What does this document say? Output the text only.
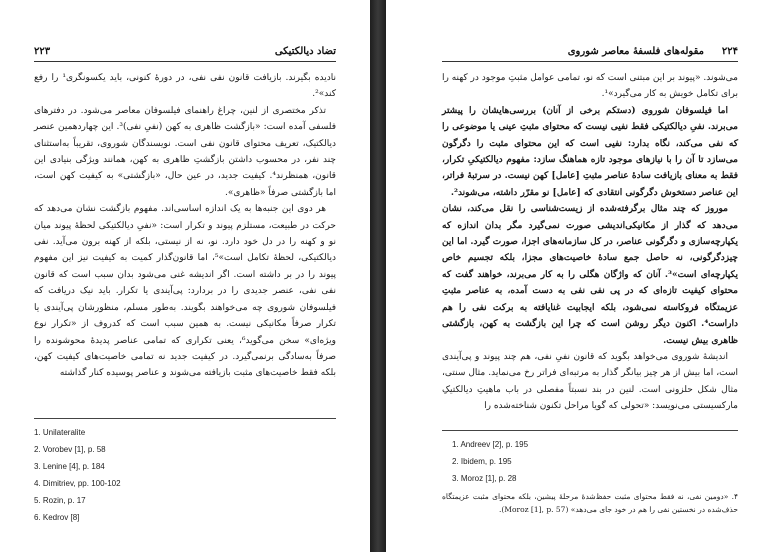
تضاد دیالکتیکی
۲۲۳

نادیده بگیرند. بازیافت قانون نفی نفی، در دورهٔ کنونی، باید یکسونگری¹ را رفع کند»².

تذکر مختصری از لنین، چراغ راهنمای فیلسوفان معاصر می‌شود. در دفترهای فلسفی آمده است: «بازگشت ظاهری به کهن (نفیِ نفی)³. این چهاردهمین عنصر دیالکتیک، تعریف محتوای قانون نفی است. نویسندگان شوروی، تقریباً به‌استثنای چند نفر، در محسوب داشتن بازگشتِ ظاهری به کهن، همانند ویژگی بنیادی این قانون، همنظرند⁴. کیفیت جدید، در عین حال، «بازگشتی» به کیفیت کهن است، اما بازگشتی صرفاً «ظاهری».

هر دوی این جنبه‌ها به یک اندازه اساسی‌اند. مفهوم بازگشت نشان می‌دهد که حرکت در طبیعت، مستلزم پیوند و تکرار است: «نفیِ دیالکتیکی لحظهٔ پیوند میان نو و کهنه را در دل خود دارد. نو، نه از نیستی، بلکه از کهنه برون می‌آید. نفی دیالکتیکی، لحظهٔ تکامل است»⁵، اما قانون‌گذار کمیت به کیفیت نیز این مفهوم پیوند را در بر داشته است. اگر اندیشه غنی می‌شود بدان سبب است که قانون نفی نفی، عنصر جدیدی را در بردارد: پی‌آیندی یا تکرار. باید نیک دریافت که فیلسوفان شوروی چه می‌خواهند بگویند. به‌طور مسلم، منظورشان پی‌آیندی یا تکرار صرفاً مکانیکی نیست. به همین سبب است که کدروف از «تکرار نوع ویژه‌ای» سخن می‌گوید⁶، یعنی تکراری که تمامی عناصر پدیدهٔ محوشونده را صرفاً به‌سادگی برنمی‌گیرد. در کیفیت جدید نه تمامی خاصیت‌های کیفیت کهن، بلکه فقط خاصیت‌های مثبت بازیافته می‌شوند و عناصر پوسیده کنار گذاشته

1. Unilateralite
2. Vorobev [1], p. 58
3. Lenine [4], p. 184
4. Dimitriev, pp. 100-102
5. Rozin, p. 17
6. Kedrov [8]
۲۲۴
مقوله‌های فلسفهٔ معاصر شوروی

می‌شوند. «پیوند بر این مبتنی است که نو، تمامی عوامل مثبتِ موجود در کهنه را برای تکامل خویش به کار می‌گیرد»¹.

اما فیلسوفان شوروی (دستکم برخی از آنان) بررسی‌هایشان را پیشتر می‌برند. نفیِ دیالکتیکی فقط نفیی نیست که محتوای مثبتِ عینی یا موضوعی را که نفی می‌کند، نگاه بدارد: نفیی است که این محتوای مثبت را دگرگون می‌سازد تا آن را با نیازهای موجود تازه هماهنگ سازد: مفهوم دیالکتیکیِ تکرار، فقط به معنای بازیافت سادهٔ عناصر مثبتِ [عامل] کهن نیست. در سرتبهٔ فراتر، این عناصر دستخوش دگرگونی انتقادی که [عامل] نو مقرّر داشته، می‌شوند².

موروز که چند مثال برگرفته‌شده از زیست‌شناسی را نقل می‌کند، نشان می‌دهد که گذار از مکانیکی‌اندیشی صورت نمی‌گیرد مگر بدان اندازه که یکپارچه‌سازی و دگرگونی عناصر، در کل سازمانه‌های اجزا، صورت گیرد. اما این چیزدگرگونی، نه حاصل جمع سادهٔ خاصیت‌های مجزا، بلکه تجسیم خاص یکپارچه‌ای است»³. آنان که واژگان هگلی را به کار می‌برند، خواهند گفت که محتوای کیفیت تازه‌ای که در پی نفی نفی به دست آمده، به عناصر مثبتِ عزیمتگاه فروکاسته نمی‌شود، بلکه ایجابیت غنایافته به برکت نفی را هم داراست⁴. اکنون دیگر روشن است که چرا این بازگشت به کهن، بازگشتی ظاهری بیش نیست.

اندیشهٔ شوروی می‌خواهد بگوید که قانون نفیِ نفی، هم چند پیوند و پی‌آیندی است، اما بیش از هر چیز بیانگر گذار به مرتبه‌ای فراتر رخ می‌نماید. مثال سنتی، مثال شکل حلزونی است. لنین در بند نسبتاً مفصلی در باب ماهیتِ دیالکتیکِ مارکسیستی می‌نویسد: «تحولی که گویا مراحل تکنون شناخته‌شده را

1. Andreev [2], p. 195
2. Ibidem, p. 195
3. Moroz [1], p. 28
۴. «دومین نفی، نه فقط محتوای مثبت حفظ‌شدهٔ مرحلهٔ پیشین، بلکه محتوای مثبت عزیمتگاه حذف‌شده در نخستین نفی را هم در خود جای می‌دهد» (Moroz [1], p. 57).
